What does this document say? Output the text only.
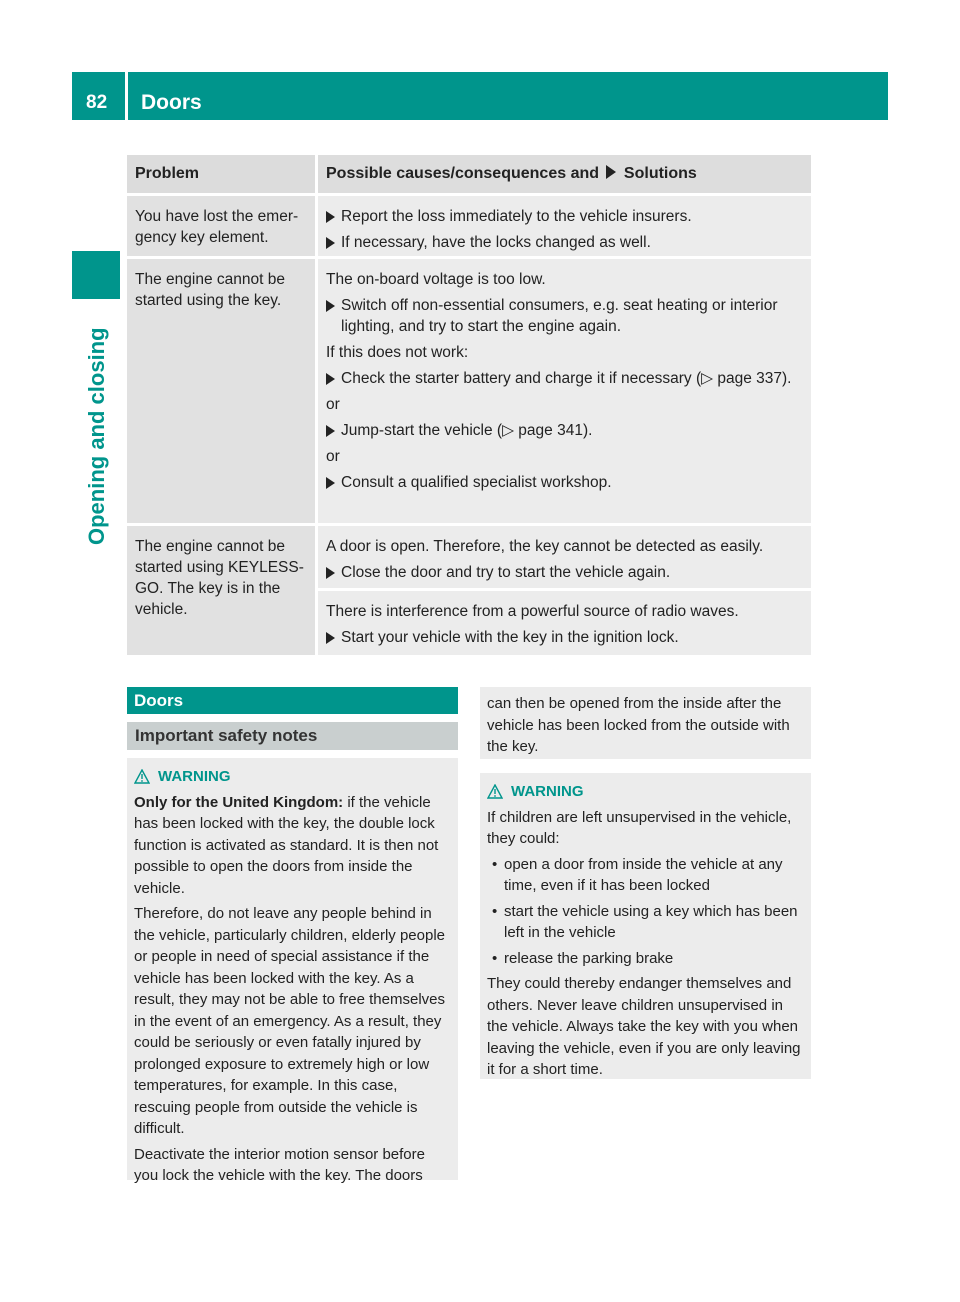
82 Doors
Opening and closing
Problem	Possible causes/consequences and Solutions
You have lost the emergency key element.
Report the loss immediately to the vehicle insurers.
If necessary, have the locks changed as well.
The engine cannot be started using the key.
The on-board voltage is too low.
Switch off non-essential consumers, e.g. seat heating or interior lighting, and try to start the engine again.
If this does not work:
Check the starter battery and charge it if necessary (▷ page 337).
or
Jump-start the vehicle (▷ page 341).
or
Consult a qualified specialist workshop.
The engine cannot be started using KEYLESS-GO. The key is in the vehicle.
A door is open. Therefore, the key cannot be detected as easily.
Close the door and try to start the vehicle again.
There is interference from a powerful source of radio waves.
Start your vehicle with the key in the ignition lock.
Doors
Important safety notes
WARNING
Only for the United Kingdom: if the vehicle has been locked with the key, the double lock function is activated as standard. It is then not possible to open the doors from inside the vehicle.
Therefore, do not leave any people behind in the vehicle, particularly children, elderly people or people in need of special assistance if the vehicle has been locked with the key. As a result, they may not be able to free themselves in the event of an emergency. As a result, they could be seriously or even fatally injured by prolonged exposure to extremely high or low temperatures, for example. In this case, rescuing people from outside the vehicle is difficult.
Deactivate the interior motion sensor before you lock the vehicle with the key. The doors
can then be opened from the inside after the vehicle has been locked from the outside with the key.
WARNING
If children are left unsupervised in the vehicle, they could:
• open a door from inside the vehicle at any time, even if it has been locked
• start the vehicle using a key which has been left in the vehicle
• release the parking brake
They could thereby endanger themselves and others. Never leave children unsupervised in the vehicle. Always take the key with you when leaving the vehicle, even if you are only leaving it for a short time.
